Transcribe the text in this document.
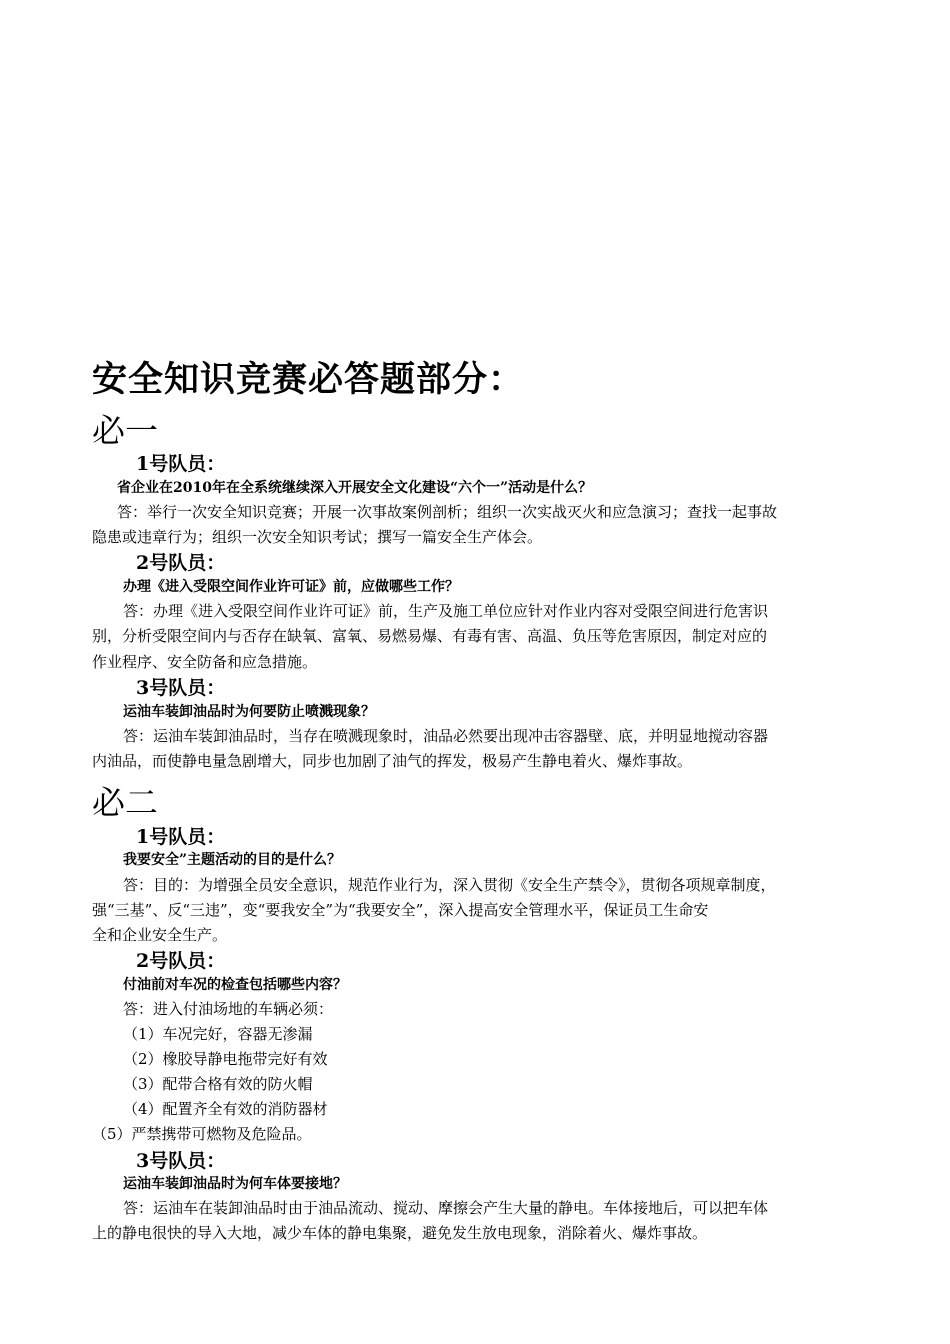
安全知识竞赛必答题部分：
必一
1号队员：
省企业在2010年在全系统继续深入开展安全文化建设“六个一”活动是什么？
答：举行一次安全知识竞赛；开展一次事故案例剖析；组织一次实战灭火和应急演习；查找一起事故
隐患或违章行为；组织一次安全知识考试；撰写一篇安全生产体会。
2号队员：
办理《进入受限空间作业许可证》前，应做哪些工作？
答：办理《进入受限空间作业许可证》前，生产及施工单位应针对作业内容对受限空间进行危害识
别，分析受限空间内与否存在缺氧、富氧、易燃易爆、有毒有害、高温、负压等危害原因，制定对应的
作业程序、安全防备和应急措施。
3号队员：
运油车装卸油品时为何要防止喷溅现象？
答：运油车装卸油品时，当存在喷溅现象时，油品必然要出现冲击容器壁、底，并明显地搅动容器
内油品，而使静电量急剧增大，同步也加剧了油气的挥发，极易产生静电着火、爆炸事故。
必二
1号队员：
我要安全”主题活动的目的是什么？
答：目的：为增强全员安全意识，规范作业行为，深入贯彻《安全生产禁令》，贯彻各项规章制度，
强“三基”、反“三违”，变“要我安全”为“我要安全”，深入提高安全管理水平，保证员工生命安
全和企业安全生产。
2号队员：
付油前对车况的检查包括哪些内容？
答：进入付油场地的车辆必须：
（1）车况完好，容器无渗漏
（2）橡胶导静电拖带完好有效
（3）配带合格有效的防火帽
（4）配置齐全有效的消防器材
（5）严禁携带可燃物及危险品。
3号队员：
运油车装卸油品时为何车体要接地？
答：运油车在装卸油品时由于油品流动、搅动、摩擦会产生大量的静电。车体接地后，可以把车体
上的静电很快的导入大地，减少车体的静电集聚，避免发生放电现象，消除着火、爆炸事故。
